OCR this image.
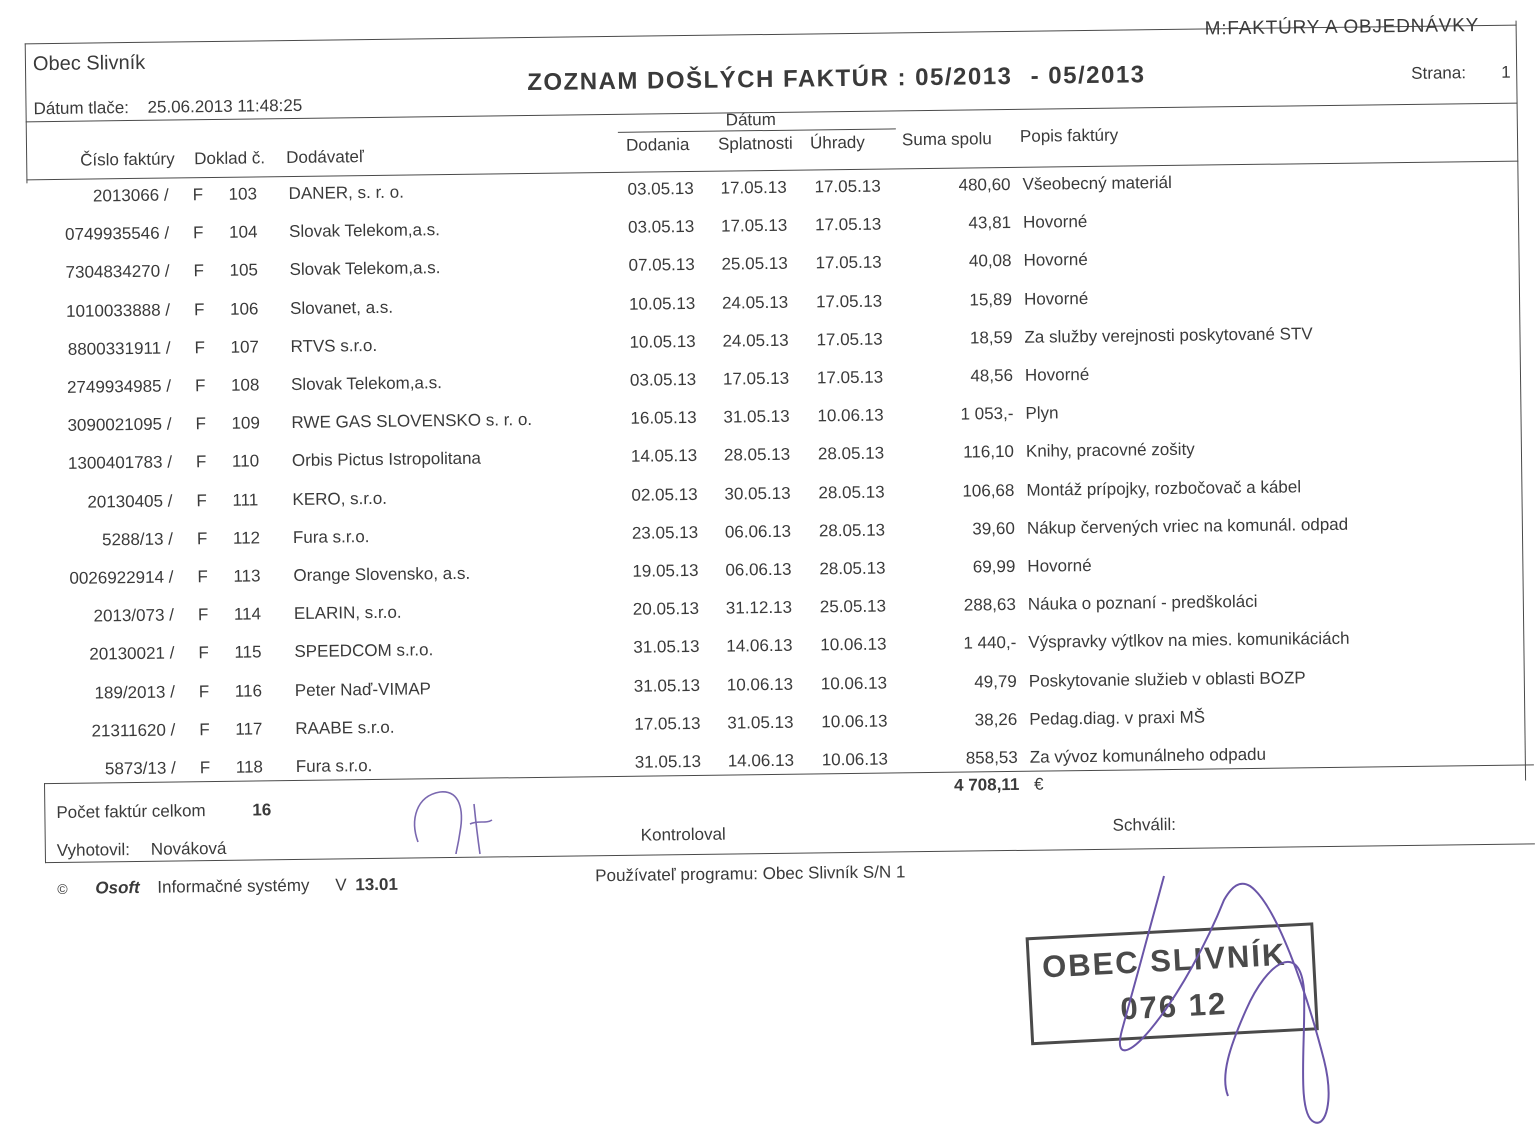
Obec Slivník
Dátum tlače: 25.06.2013 11:48:25
ZOZNAM DOŠLÝCH FAKTÚR : 05/2013 - 05/2013
M:FAKTÚRY A OBJEDNÁVKY
Strana: 1
Číslo faktúry Doklad č. Dodávateľ
Dátum
Dodania Splatnosti Úhrady Suma spolu Popis faktúry
2013066 / F 103 DANER, s. r. o.	03.05.13 17.05.13 17.05.13	480,60 Všeobecný materiál
0749935546 / F 104 Slovak Telekom,a.s.	03.05.13 17.05.13 17.05.13	43,81 Hovorné
7304834270 / F 105 Slovak Telekom,a.s.	07.05.13 25.05.13 17.05.13	40,08 Hovorné
1010033888 / F 106 Slovanet, a.s.	10.05.13 24.05.13 17.05.13	15,89 Hovorné
8800331911 / F 107 RTVS s.r.o.	10.05.13 24.05.13 17.05.13	18,59 Za služby verejnosti poskytované STV
2749934985 / F 108 Slovak Telekom,a.s.	03.05.13 17.05.13 17.05.13	48,56 Hovorné
3090021095 / F 109 RWE GAS SLOVENSKO s. r. o.	16.05.13 31.05.13 10.06.13	1 053,- Plyn
1300401783 / F 110 Orbis Pictus Istropolitana	14.05.13 28.05.13 28.05.13	116,10 Knihy, pracovné zošity
20130405 / F 111 KERO, s.r.o.	02.05.13 30.05.13 28.05.13	106,68 Montáž prípojky, rozbočovač a kábel
5288/13 / F 112 Fura s.r.o.	23.05.13 06.06.13 28.05.13	39,60 Nákup červených vriec na komunál. odpad
0026922914 / F 113 Orange Slovensko, a.s.	19.05.13 06.06.13 28.05.13	69,99 Hovorné
2013/073 / F 114 ELARIN, s.r.o.	20.05.13 31.12.13 25.05.13	288,63 Náuka o poznaní - predškoláci
20130021 / F 115 SPEEDCOM s.r.o.	31.05.13 14.06.13 10.06.13	1 440,- Výspravky výtlkov na mies. komunikáciách
189/2013 / F 116 Peter Naď-VIMAP	31.05.13 10.06.13 10.06.13	49,79 Poskytovanie služieb v oblasti BOZP
21311620 / F 117 RAABE s.r.o.	17.05.13 31.05.13 10.06.13	38,26 Pedag.diag. v praxi MŠ
5873/13 / F 118 Fura s.r.o.	31.05.13 14.06.13 10.06.13	858,53 Za vývoz komunálneho odpadu
Počet faktúr celkom	16
4 708,11 €
Vyhotovil: Nováková
Kontroloval	Schválil:
© Osoft Informačné systémy V 13.01	Používateľ programu: Obec Slivník S/N 1
OBEC SLIVNÍK
076 12
